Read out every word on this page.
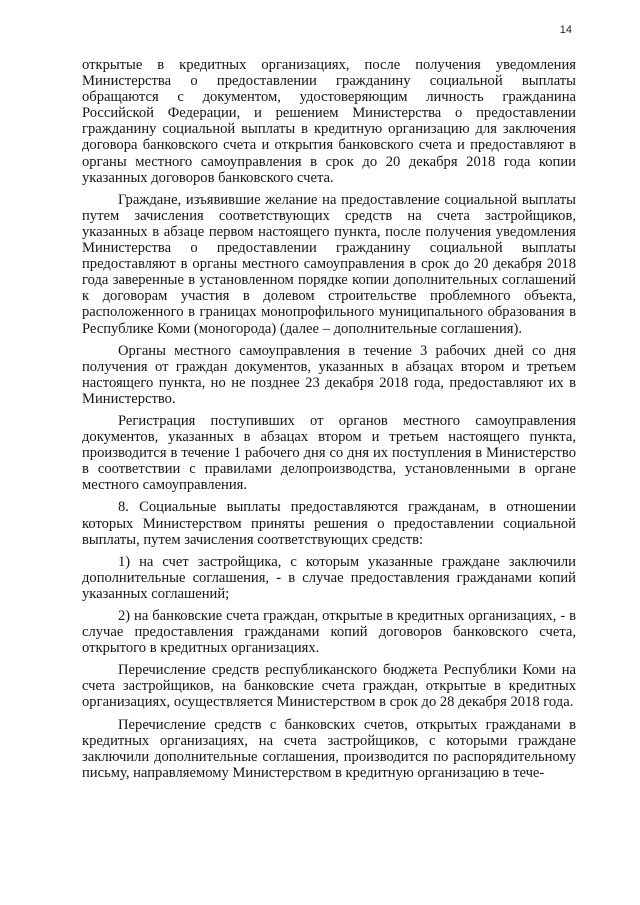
14

открытые в кредитных организациях, после получения уведомления Министерства о предоставлении гражданину социальной выплаты обращаются с документом, удостоверяющим личность гражданина Российской Федерации, и решением Министерства о предоставлении гражданину социальной выплаты в кредитную организацию для заключения договора банковского счета и открытия банковского счета и предоставляют в органы местного самоуправления в срок до 20 декабря 2018 года копии указанных договоров банковского счета.

Граждане, изъявившие желание на предоставление социальной выплаты путем зачисления соответствующих средств на счета застройщиков, указанных в абзаце первом настоящего пункта, после получения уведомления Министерства о предоставлении гражданину социальной выплаты предоставляют в органы местного самоуправления в срок до 20 декабря 2018 года заверенные в установленном порядке копии дополнительных соглашений к договорам участия в долевом строительстве проблемного объекта, расположенного в границах монопрофильного муниципального образования в Республике Коми (моногорода) (далее – дополнительные соглашения).

Органы местного самоуправления в течение 3 рабочих дней со дня получения от граждан документов, указанных в абзацах втором и третьем настоящего пункта, но не позднее 23 декабря 2018 года, предоставляют их в Министерство.

Регистрация поступивших от органов местного самоуправления документов, указанных в абзацах втором и третьем настоящего пункта, производится в течение 1 рабочего дня со дня их поступления в Министерство в соответствии с правилами делопроизводства, установленными в органе местного самоуправления.

8. Социальные выплаты предоставляются гражданам, в отношении которых Министерством приняты решения о предоставлении социальной выплаты, путем зачисления соответствующих средств:

1) на счет застройщика, с которым указанные граждане заключили дополнительные соглашения, - в случае предоставления гражданами копий указанных соглашений;

2) на банковские счета граждан, открытые в кредитных организациях, - в случае предоставления гражданами копий договоров банковского счета, открытого в кредитных организациях.

Перечисление средств республиканского бюджета Республики Коми на счета застройщиков, на банковские счета граждан, открытые в кредитных организациях, осуществляется Министерством в срок до 28 декабря 2018 года.

Перечисление средств с банковских счетов, открытых гражданами в кредитных организациях, на счета застройщиков, с которыми граждане заключили дополнительные соглашения, производится по распорядительному письму, направляемому Министерством в кредитную организацию в тече-
